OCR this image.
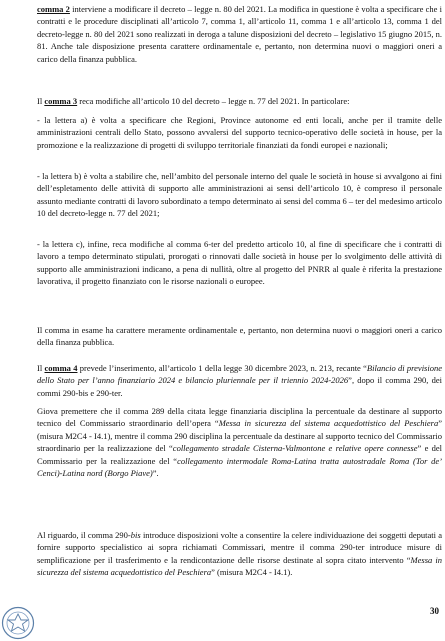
comma 2 interviene a modificare il decreto – legge n. 80 del 2021. La modifica in questione è volta a specificare che i contratti e le procedure disciplinati all’articolo 7, comma 1, all’articolo 11, comma 1 e all’articolo 13, comma 1 del decreto-legge n. 80 del 2021 sono realizzati in deroga a talune disposizioni del decreto – legislativo 15 giugno 2015, n. 81. Anche tale disposizione presenta carattere ordinamentale e, pertanto, non determina nuovi o maggiori oneri a carico della finanza pubblica.

Il comma 3 reca modifiche all’articolo 10 del decreto – legge n. 77 del 2021. In particolare:

- la lettera a) è volta a specificare che Regioni, Province autonome ed enti locali, anche per il tramite delle amministrazioni centrali dello Stato, possono avvalersi del supporto tecnico-operativo delle società in house, per la promozione e la realizzazione di progetti di sviluppo territoriale finanziati da fondi europei e nazionali;

- la lettera b) è volta a stabilire che, nell’ambito del personale interno del quale le società in house si avvalgono ai fini dell’espletamento delle attività di supporto alle amministrazioni ai sensi dell’articolo 10, è compreso il personale assunto mediante contratti di lavoro subordinato a tempo determinato ai sensi del comma 6 – ter del medesimo articolo 10 del decreto-legge n. 77 del 2021;

- la lettera c), infine, reca modifiche al comma 6-ter del predetto articolo 10, al fine di specificare che i contratti di lavoro a tempo determinato stipulati, prorogati o rinnovati dalle società in house per lo svolgimento delle attività di supporto alle amministrazioni indicano, a pena di nullità, oltre al progetto del PNRR al quale è riferita la prestazione lavorativa, il progetto finanziato con le risorse nazionali o europee.

Il comma in esame ha carattere meramente ordinamentale e, pertanto, non determina nuovi o maggiori oneri a carico della finanza pubblica.

Il comma 4 prevede l’inserimento, all’articolo 1 della legge 30 dicembre 2023, n. 213, recante “Bilancio di previsione dello Stato per l’anno finanziario 2024 e bilancio pluriennale per il triennio 2024-2026”, dopo il comma 290, dei commi 290-bis e 290-ter.

Giova premettere che il comma 289 della citata legge finanziaria disciplina la percentuale da destinare al supporto tecnico del Commissario straordinario dell’opera “Messa in sicurezza del sistema acquedottistico del Peschiera” (misura M2C4 - I4.1), mentre il comma 290 disciplina la percentuale da destinare al supporto tecnico del Commissario straordinario per la realizzazione del “collegamento stradale Cisterna-Valmontone e relative opere connesse” e del Commissario per la realizzazione del “collegamento intermodale Roma-Latina tratta autostradale Roma (Tor de’ Cenci)-Latina nord (Borgo Piave)”.

Al riguardo, il comma 290-bis introduce disposizioni volte a consentire la celere individuazione dei soggetti deputati a fornire supporto specialistico ai sopra richiamati Commissari, mentre il comma 290-ter introduce misure di semplificazione per il trasferimento e la rendicontazione delle risorse destinate al sopra citato intervento “Messa in sicurezza del sistema acquedottistico del Peschiera” (misura M2C4 - I4.1).

30
